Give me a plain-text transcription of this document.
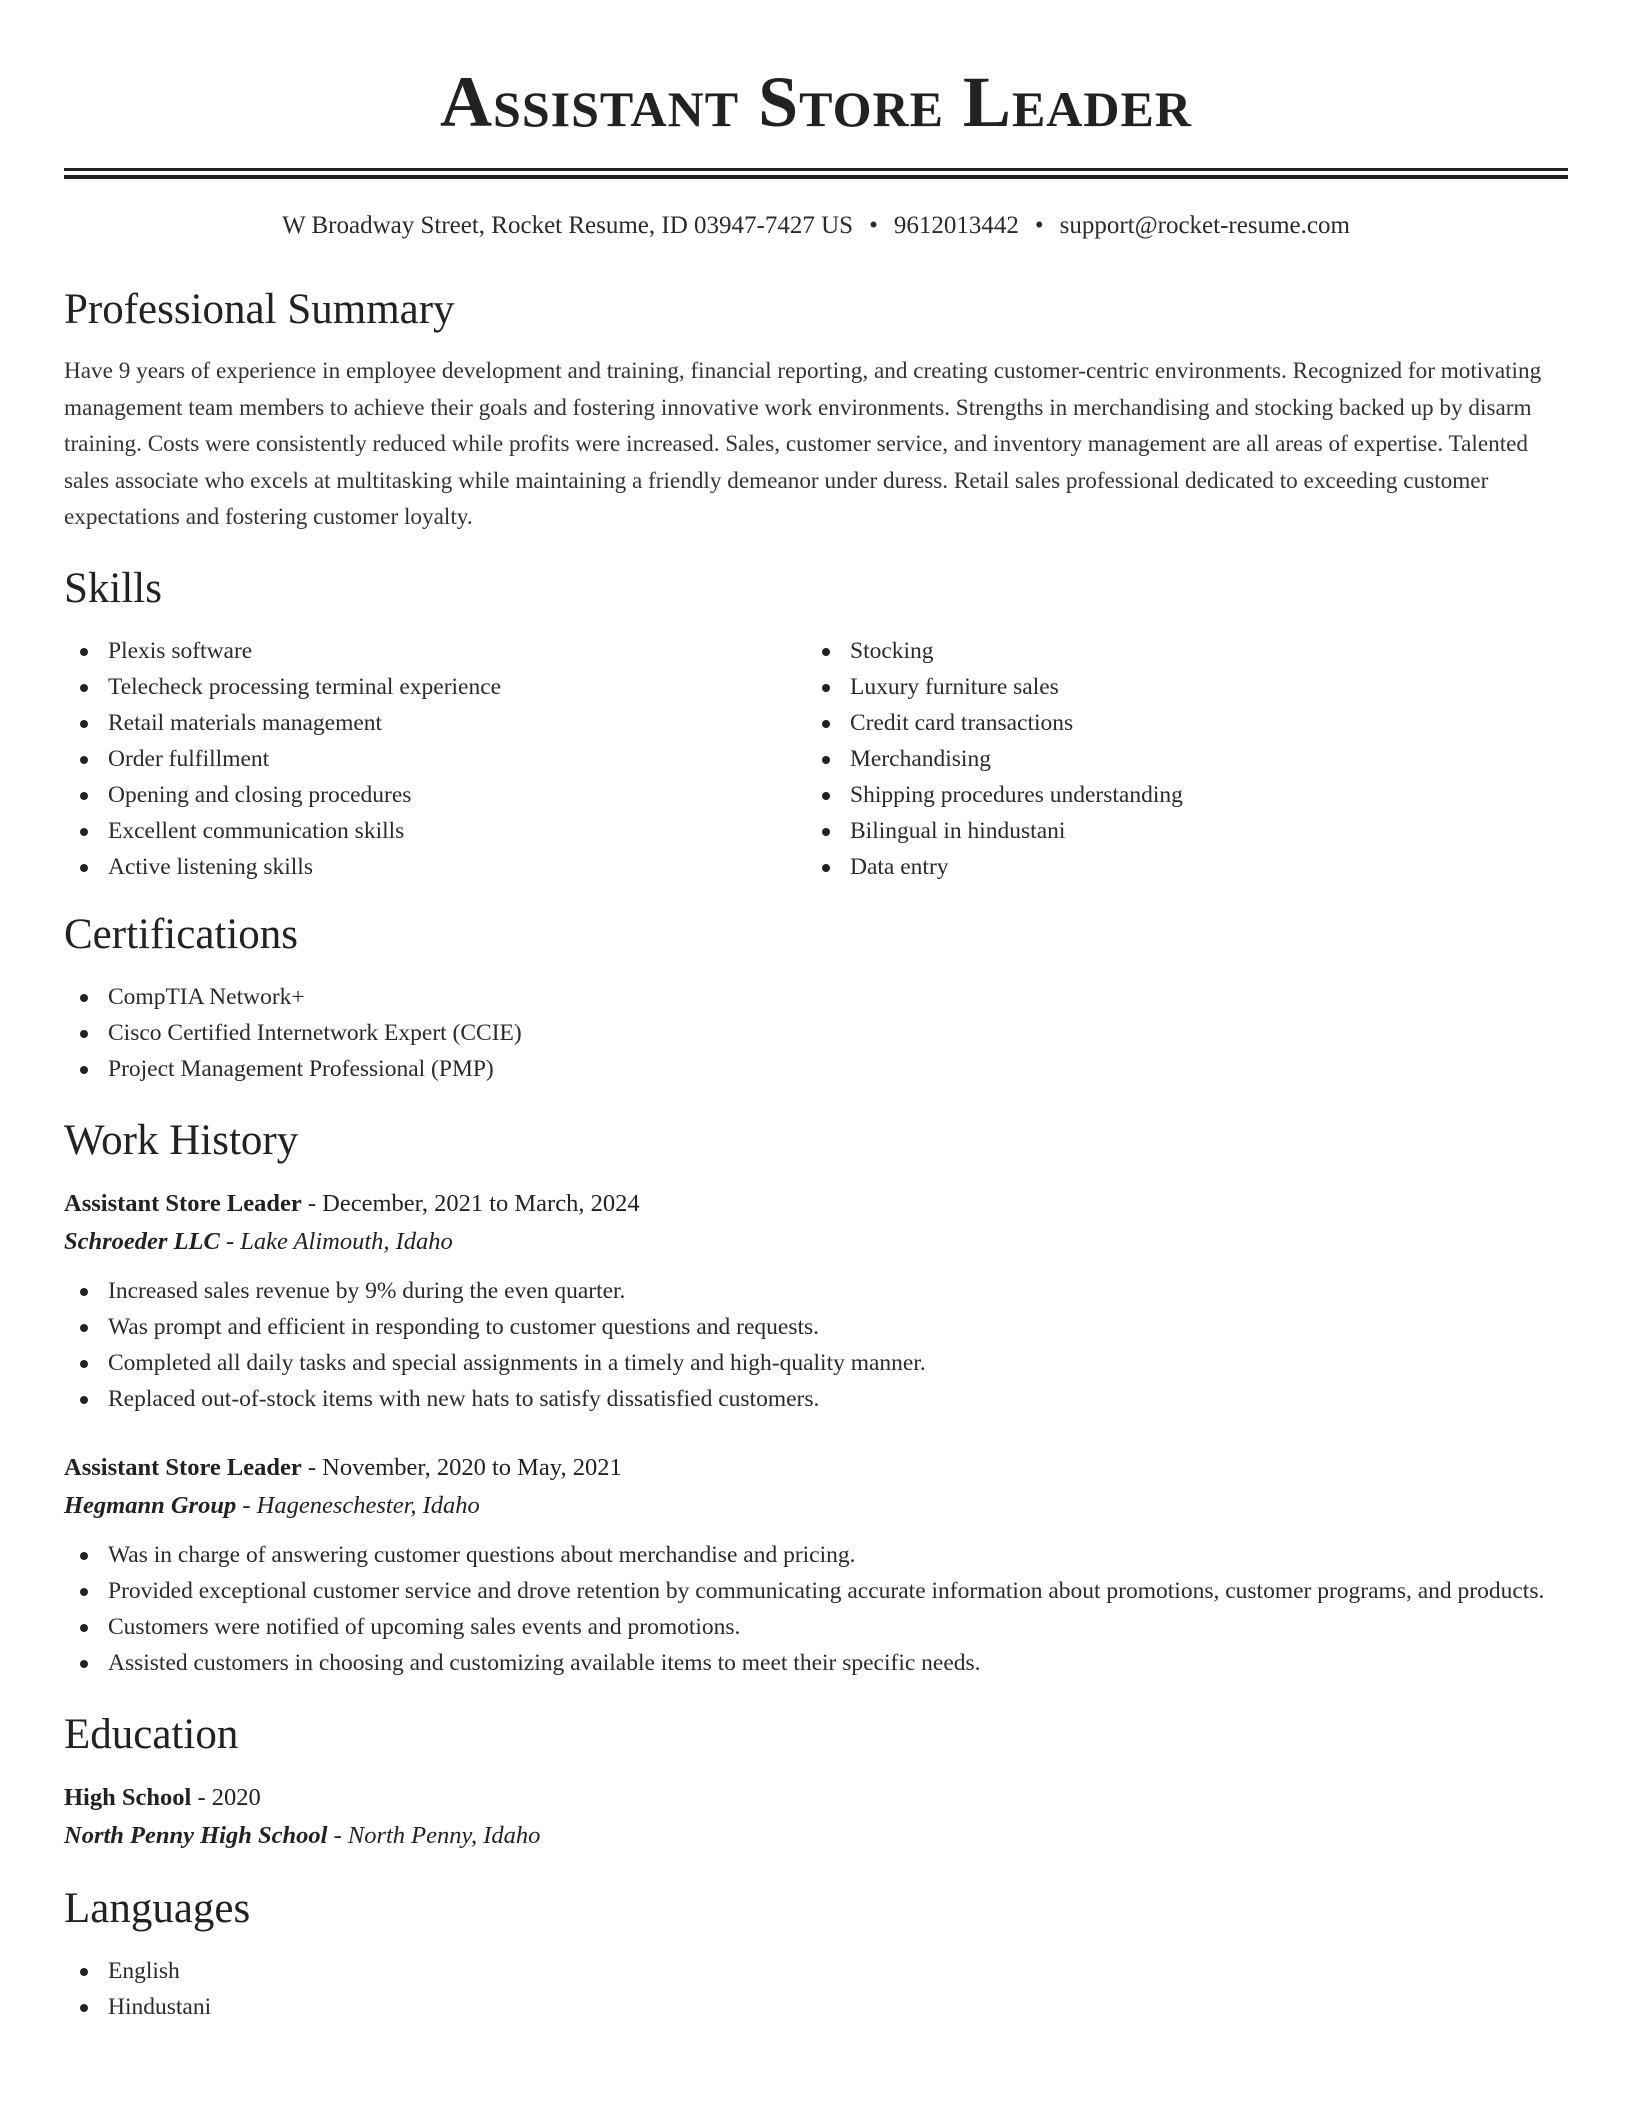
Assistant Store Leader
W Broadway Street, Rocket Resume, ID 03947-7427 US • 9612013442 • support@rocket-resume.com
Professional Summary

Have 9 years of experience in employee development and training, financial reporting, and creating customer-centric environments. Recognized for motivating management team members to achieve their goals and fostering innovative work environments. Strengths in merchandising and stocking backed up by disarm training. Costs were consistently reduced while profits were increased. Sales, customer service, and inventory management are all areas of expertise. Talented sales associate who excels at multitasking while maintaining a friendly demeanor under duress. Retail sales professional dedicated to exceeding customer expectations and fostering customer loyalty.

Skills
Plexis software
Telecheck processing terminal experience
Retail materials management
Order fulfillment
Opening and closing procedures
Excellent communication skills
Active listening skills
Stocking
Luxury furniture sales
Credit card transactions
Merchandising
Shipping procedures understanding
Bilingual in hindustani
Data entry
Certifications
CompTIA Network+
Cisco Certified Internetwork Expert (CCIE)
Project Management Professional (PMP)
Work History
Assistant Store Leader - December, 2021 to March, 2024
Schroeder LLC - Lake Alimouth, Idaho
Increased sales revenue by 9% during the even quarter.
Was prompt and efficient in responding to customer questions and requests.
Completed all daily tasks and special assignments in a timely and high-quality manner.
Replaced out-of-stock items with new hats to satisfy dissatisfied customers.
Assistant Store Leader - November, 2020 to May, 2021
Hegmann Group - Hageneschester, Idaho
Was in charge of answering customer questions about merchandise and pricing.
Provided exceptional customer service and drove retention by communicating accurate information about promotions, customer programs, and products.
Customers were notified of upcoming sales events and promotions.
Assisted customers in choosing and customizing available items to meet their specific needs.
Education
High School - 2020
North Penny High School - North Penny, Idaho
Languages
English
Hindustani
